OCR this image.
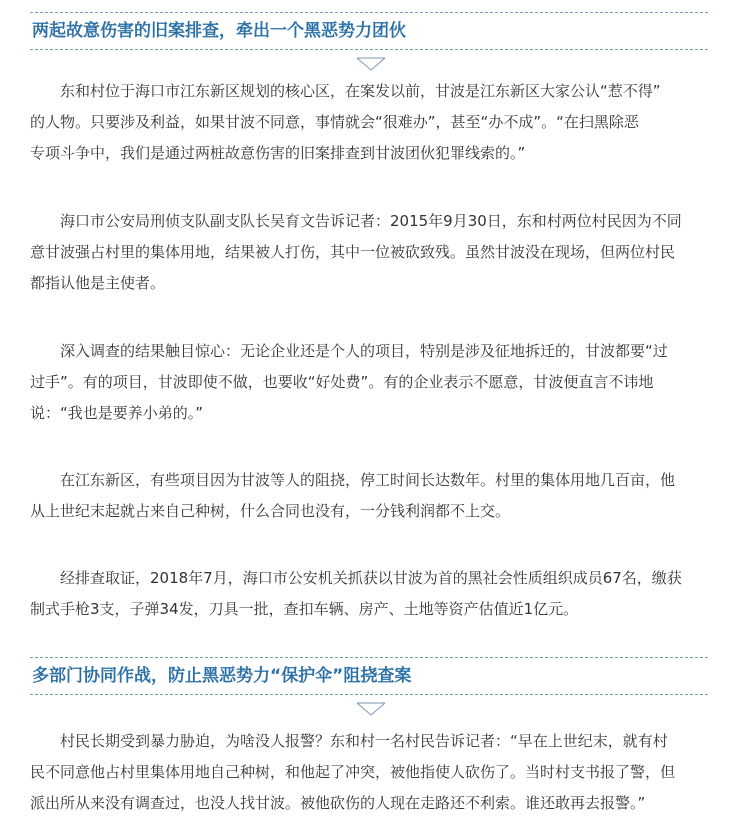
两起故意伤害的旧案排查，牵出一个黑恶势力团伙
东和村位于海口市江东新区规划的核心区，在案发以前，甘波是江东新区大家公认“惹不得”
的人物。只要涉及利益，如果甘波不同意，事情就会“很难办”，甚至“办不成”。“在扫黑除恶
专项斗争中，我们是通过两桩故意伤害的旧案排查到甘波团伙犯罪线索的。”
海口市公安局刑侦支队副支队长吴育文告诉记者：2015年9月30日，东和村两位村民因为不同
意甘波强占村里的集体用地，结果被人打伤，其中一位被砍致残。虽然甘波没在现场，但两位村民
都指认他是主使者。
深入调查的结果触目惊心：无论企业还是个人的项目，特别是涉及征地拆迁的，甘波都要“过
过手”。有的项目，甘波即使不做，也要收“好处费”。有的企业表示不愿意，甘波便直言不讳地
说：“我也是要养小弟的。”
在江东新区，有些项目因为甘波等人的阻挠，停工时间长达数年。村里的集体用地几百亩，他
从上世纪末起就占来自己种树，什么合同也没有，一分钱利润都不上交。
经排查取证，2018年7月，海口市公安机关抓获以甘波为首的黑社会性质组织成员67名，缴获
制式手枪3支，子弹34发，刀具一批，查扣车辆、房产、土地等资产估值近1亿元。
多部门协同作战，防止黑恶势力“保护伞”阻挠查案
村民长期受到暴力胁迫，为啥没人报警？东和村一名村民告诉记者：“早在上世纪末，就有村
民不同意他占村里集体用地自己种树，和他起了冲突，被他指使人砍伤了。当时村支书报了警，但
派出所从来没有调查过，也没人找甘波。被他砍伤的人现在走路还不利索。谁还敢再去报警。”
